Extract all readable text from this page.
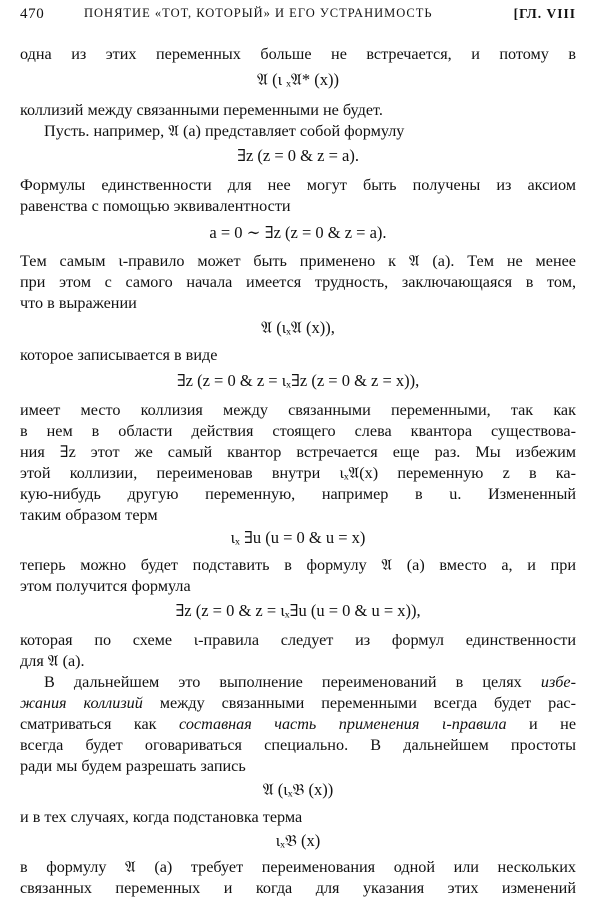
470	ПОНЯТИЕ «ТОТ, КОТОРЫЙ» И ЕГО УСТРАНИМОСТЬ	[ГЛ. VIII
одна из этих переменных больше не встречается, и потому в
𝔄 (ι ₓ𝔄* (x))
коллизий между связанными переменными не будет.
Пусть. например, 𝔄 (a) представляет собой формулу
∃z (z = 0 & z = a).
Формулы единственности для нее могут быть получены из аксиом
равенства с помощью эквивалентности
a = 0 ∼ ∃z (z = 0 & z = a).
Тем самым ι-правило может быть применено к 𝔄 (a). Тем не менее
при этом с самого начала имеется трудность, заключающаяся в том,
что в выражении
𝔄 (ιₓ𝔄 (x)),
которое записывается в виде
∃z (z = 0 & z = ιₓ∃z (z = 0 & z = x)),
имеет место коллизия между связанными переменными, так как
в нем в области действия стоящего слева квантора существова-
ния ∃z этот же самый квантор встречается еще раз. Мы избежим
этой коллизии, переименовав внутри ιₓ𝔄(x) переменную z в ка-
кую-нибудь другую переменную, например в u. Измененный
таким образом терм
ιₓ ∃u (u = 0 & u = x)
теперь можно будет подставить в формулу 𝔄 (a) вместо a, и при
этом получится формула
∃z (z = 0 & z = ιₓ∃u (u = 0 & u = x)),
которая по схеме ι-правила следует из формул единственности
для 𝔄 (a).
В дальнейшем это выполнение переименований в целях избе-
жания коллизий между связанными переменными всегда будет рас-
сматриваться как составная часть применения ι-правила и не
всегда будет оговариваться специально. В дальнейшем простоты
ради мы будем разрешать запись
𝔄 (ιₓ𝔅 (x))
и в тех случаях, когда подстановка терма
ιₓ𝔅 (x)
в формулу 𝔄 (a) требует переименования одной или нескольких
связанных переменных и когда для указания этих изменений
